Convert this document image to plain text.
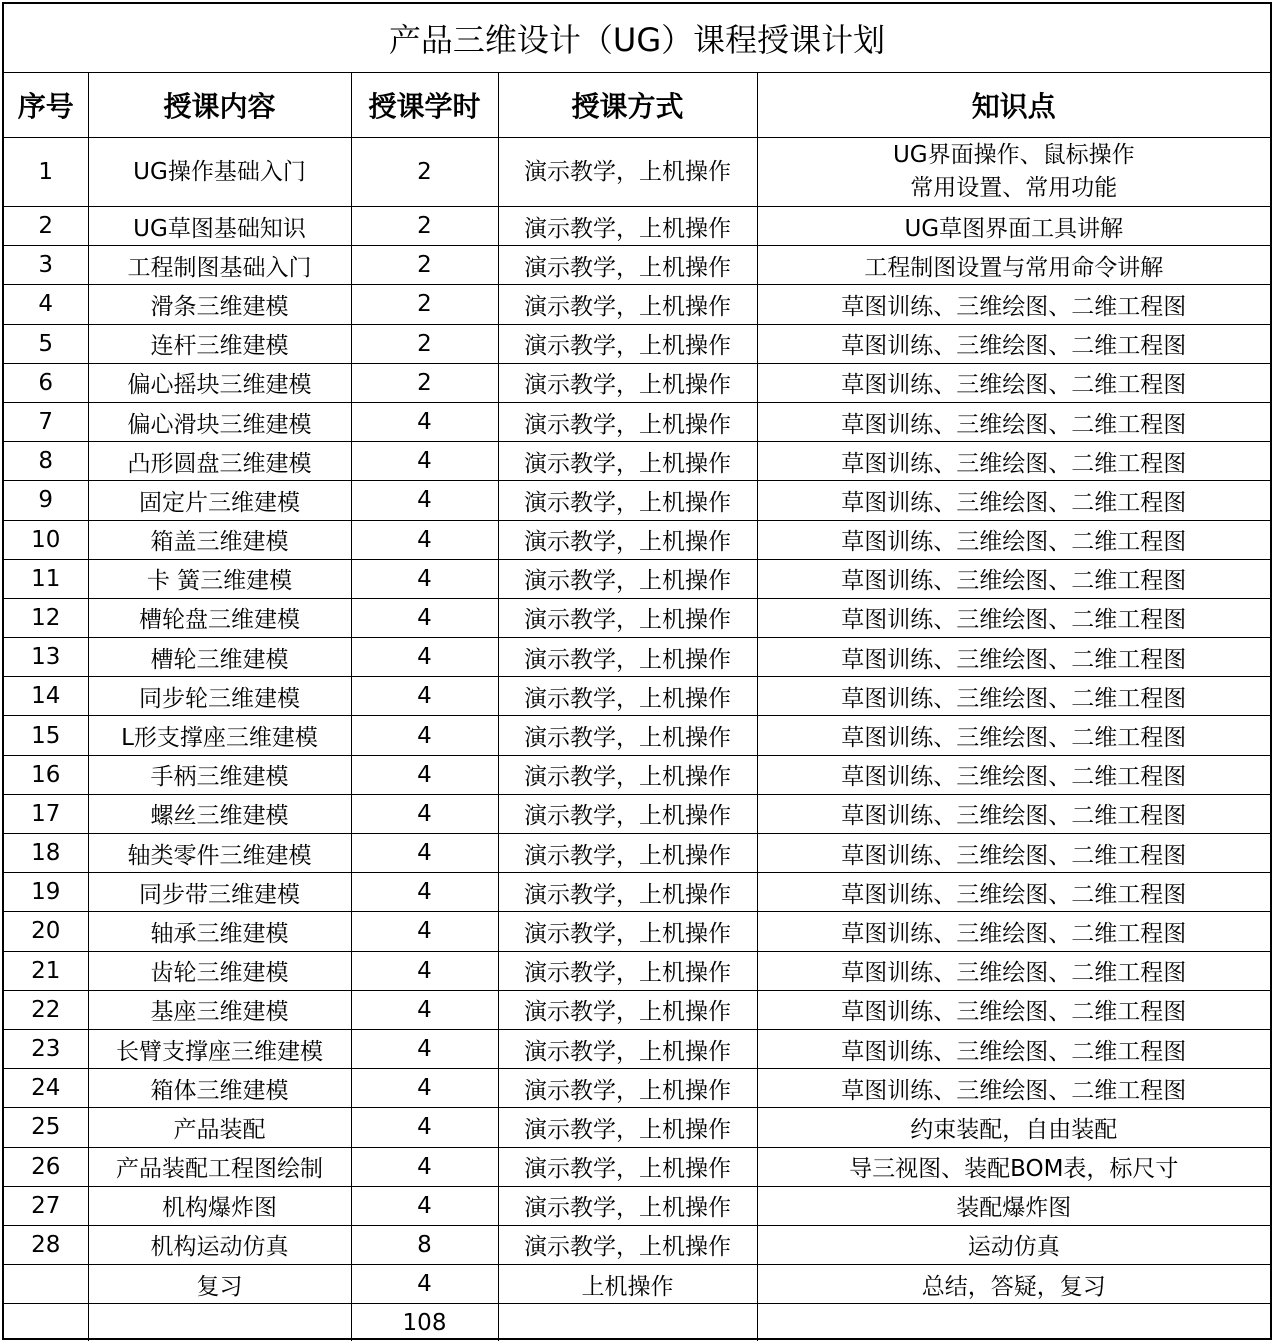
产品三维设计（UG）课程授课计划				
序号	授课内容	授课学时	授课方式	知识点
1	UG操作基础入门	2	演示教学，上机操作	UG界面操作、鼠标操作
常用设置、常用功能

2	UG草图基础知识	2	演示教学，上机操作	UG草图界面工具讲解

3	工程制图基础入门	2	演示教学，上机操作	工程制图设置与常用命令讲解

4	滑条三维建模	2	演示教学，上机操作	草图训练、三维绘图、二维工程图

5	连杆三维建模	2	演示教学，上机操作	草图训练、三维绘图、二维工程图

6	偏心摇块三维建模	2	演示教学，上机操作	草图训练、三维绘图、二维工程图

7	偏心滑块三维建模	4	演示教学，上机操作	草图训练、三维绘图、二维工程图

8	凸形圆盘三维建模	4	演示教学，上机操作	草图训练、三维绘图、二维工程图

9	固定片三维建模	4	演示教学，上机操作	草图训练、三维绘图、二维工程图

10	箱盖三维建模	4	演示教学，上机操作	草图训练、三维绘图、二维工程图

11	卡 簧三维建模	4	演示教学，上机操作	草图训练、三维绘图、二维工程图

12	槽轮盘三维建模	4	演示教学，上机操作	草图训练、三维绘图、二维工程图

13	槽轮三维建模	4	演示教学，上机操作	草图训练、三维绘图、二维工程图

14	同步轮三维建模	4	演示教学，上机操作	草图训练、三维绘图、二维工程图

15	L形支撑座三维建模	4	演示教学，上机操作	草图训练、三维绘图、二维工程图

16	手柄三维建模	4	演示教学，上机操作	草图训练、三维绘图、二维工程图

17	螺丝三维建模	4	演示教学，上机操作	草图训练、三维绘图、二维工程图

18	轴类零件三维建模	4	演示教学，上机操作	草图训练、三维绘图、二维工程图

19	同步带三维建模	4	演示教学，上机操作	草图训练、三维绘图、二维工程图

20	轴承三维建模	4	演示教学，上机操作	草图训练、三维绘图、二维工程图

21	齿轮三维建模	4	演示教学，上机操作	草图训练、三维绘图、二维工程图

22	基座三维建模	4	演示教学，上机操作	草图训练、三维绘图、二维工程图

23	长臂支撑座三维建模	4	演示教学，上机操作	草图训练、三维绘图、二维工程图

24	箱体三维建模	4	演示教学，上机操作	草图训练、三维绘图、二维工程图

25	产品装配	4	演示教学，上机操作	约束装配，自由装配

26	产品装配工程图绘制	4	演示教学，上机操作	导三视图、装配BOM表，标尺寸

27	机构爆炸图	4	演示教学，上机操作	装配爆炸图

28	机构运动仿真	8	演示教学，上机操作	运动仿真

	复习	4	上机操作	总结，答疑，复习

		108		
